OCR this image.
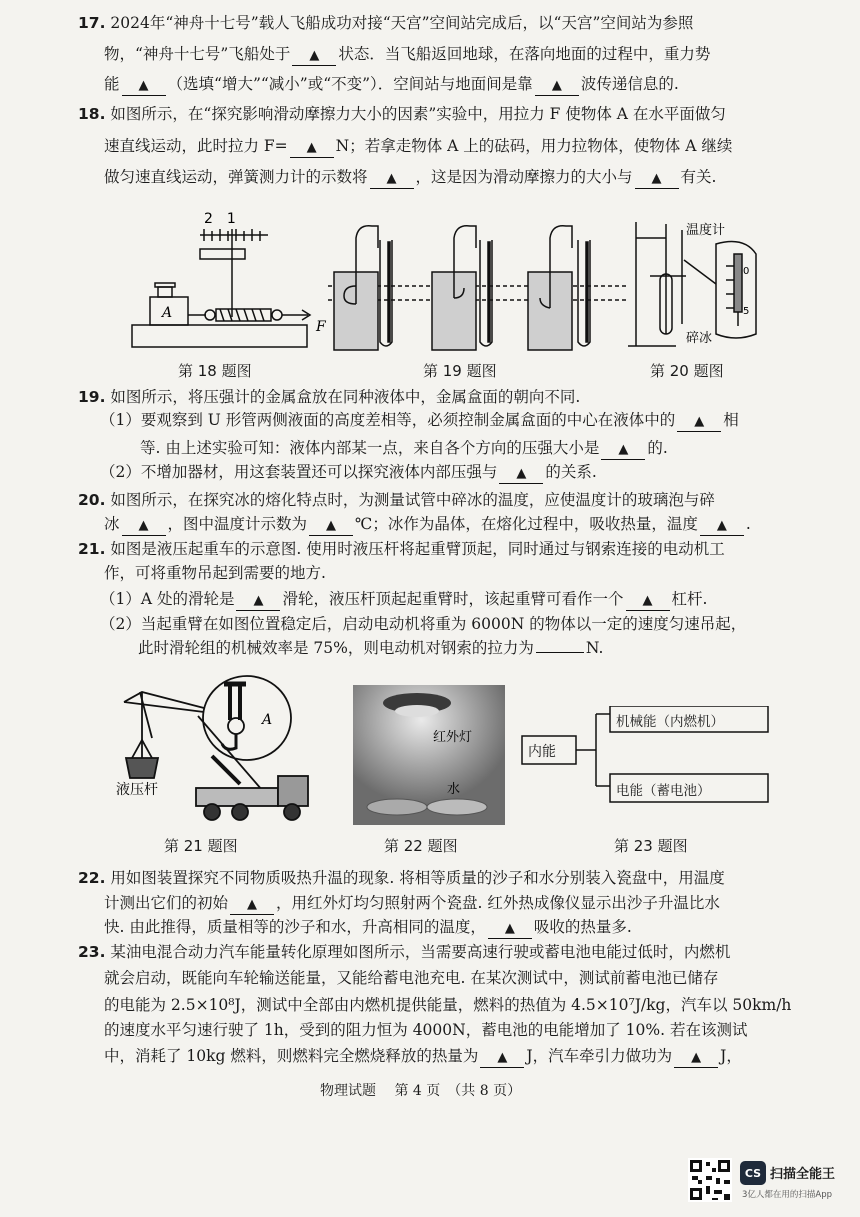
17. 2024年“神舟十七号”载人飞船成功对接“天宫”空间站完成后，以“天宫”空间站为参照
物，“神舟十七号”飞船处于 ▲ 状态．当飞船返回地球，在落向地面的过程中，重力势
能 ▲ （选填“增大”“减小”或“不变”）．空间站与地面间是靠 ▲ 波传递信息的.
18. 如图所示，在“探究影响滑动摩擦力大小的因素”实验中，用拉力 F 使物体 A 在水平面做匀
速直线运动，此时拉力 F= ▲ N；若拿走物体 A 上的砝码，用力拉物体，使物体 A 继续
做匀速直线运动，弹簧测力计的示数将 ▲ ，这是因为滑动摩擦力的大小与 ▲ 有关.
2　1
A
F
第 18 题图	第 19 题图
温度计
0
5
碎冰
第 20 题图
19. 如图所示，将压强计的金属盒放在同种液体中，金属盒面的朝向不同.
（1）要观察到 U 形管两侧液面的高度差相等，必须控制金属盒面的中心在液体中的 ▲ 相
等. 由上述实验可知：液体内部某一点，来自各个方向的压强大小是 ▲ 的.
（2）不增加器材，用这套装置还可以探究液体内部压强与 ▲ 的关系.
20. 如图所示，在探究冰的熔化特点时，为测量试管中碎冰的温度，应使温度计的玻璃泡与碎
冰 ▲ ，图中温度计示数为 ▲ ℃；冰作为晶体，在熔化过程中，吸收热量，温度 ▲ .
21. 如图是液压起重车的示意图. 使用时液压杆将起重臂顶起，同时通过与钢索连接的电动机工
作，可将重物吊起到需要的地方.
（1）A 处的滑轮是 ▲ 滑轮，液压杆顶起起重臂时，该起重臂可看作一个 ▲ 杠杆.
（2）当起重臂在如图位置稳定后，启动电动机将重为 6000N 的物体以一定的速度匀速吊起，
此时滑轮组的机械效率是 75%，则电动机对钢索的拉力为	N.
A
液压杆
第 21 题图
红外灯
水
第 22 题图
内能
机械能（内燃机）
电能（蓄电池）
第 23 题图
22. 用如图装置探究不同物质吸热升温的现象. 将相等质量的沙子和水分别装入瓷盘中，用温度
计测出它们的初始 ▲ ，用红外灯均匀照射两个瓷盘. 红外热成像仪显示出沙子升温比水
快. 由此推得，质量相等的沙子和水，升高相同的温度， ▲ 吸收的热量多.
23. 某油电混合动力汽车能量转化原理如图所示，当需要高速行驶或蓄电池电能过低时，内燃机
就会启动，既能向车轮输送能量，又能给蓄电池充电. 在某次测试中，测试前蓄电池已储存
的电能为 2.5×10⁸J，测试中全部由内燃机提供能量，燃料的热值为 4.5×10⁷J/kg，汽车以 50km/h
的速度水平匀速行驶了 1h，受到的阻力恒为 4000N，蓄电池的电能增加了 10%. 若在该测试
中，消耗了 10kg 燃料，则燃料完全燃烧释放的热量为 ▲ J，汽车牵引力做功为 ▲ J，
物理试题 第 4 页　（共 8 页）
CS 扫描全能王
3亿人都在用的扫描App
